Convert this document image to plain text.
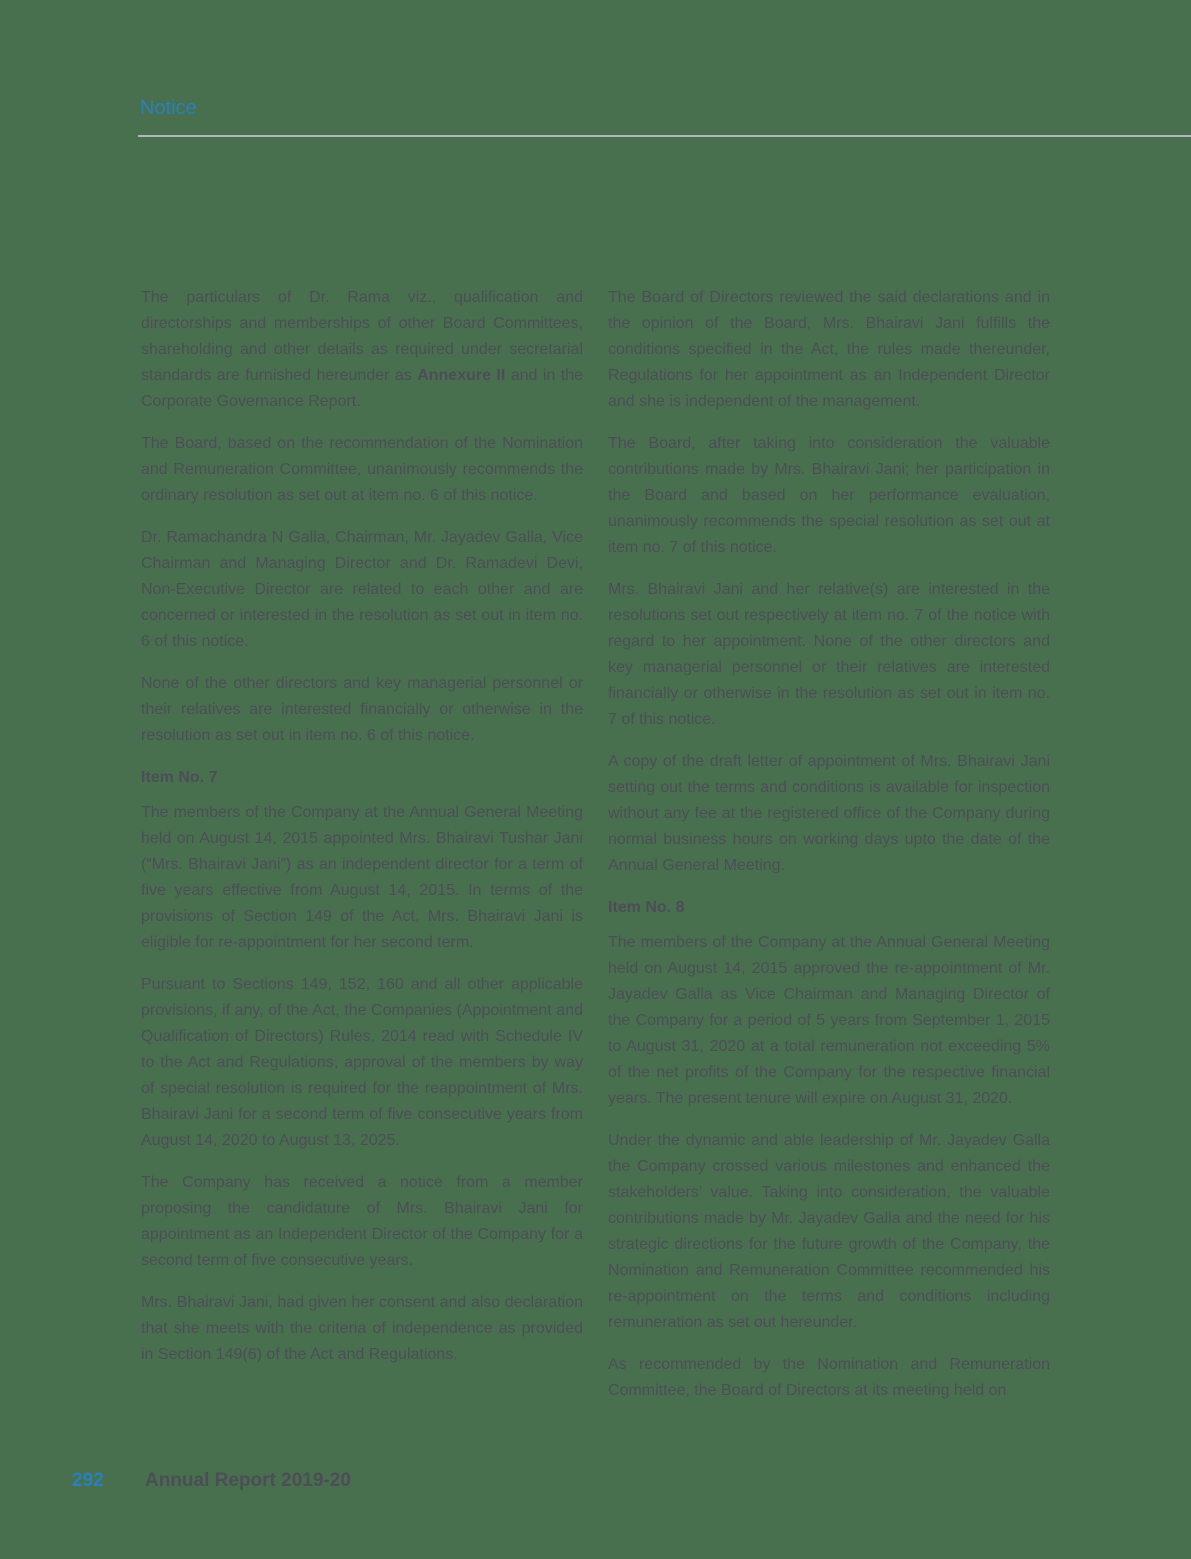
Notice

The particulars of Dr. Rama viz., qualification and directorships and memberships of other Board Committees, shareholding and other details as required under secretarial standards are furnished hereunder as Annexure II and in the Corporate Governance Report.

The Board, based on the recommendation of the Nomination and Remuneration Committee, unanimously recommends the ordinary resolution as set out at item no. 6 of this notice.

Dr. Ramachandra N Galla, Chairman, Mr. Jayadev Galla, Vice Chairman and Managing Director and Dr. Ramadevi Devi, Non-Executive Director are related to each other and are concerned or interested in the resolution as set out in item no. 6 of this notice.

None of the other directors and key managerial personnel or their relatives are interested financially or otherwise in the resolution as set out in item no. 6 of this notice.

Item No. 7

The members of the Company at the Annual General Meeting held on August 14, 2015 appointed Mrs. Bhairavi Tushar Jani (“Mrs. Bhairavi Jani”) as an independent director for a term of five years effective from August 14, 2015. In terms of the provisions of Section 149 of the Act, Mrs. Bhairavi Jani is eligible for re-appointment for her second term.

Pursuant to Sections 149, 152, 160 and all other applicable provisions, if any, of the Act, the Companies (Appointment and Qualification of Directors) Rules, 2014 read with Schedule IV to the Act and Regulations, approval of the members by way of special resolution is required for the reappointment of Mrs. Bhairavi Jani for a second term of five consecutive years from August 14, 2020 to August 13, 2025.

The Company has received a notice from a member proposing the candidature of Mrs. Bhairavi Jani for appointment as an Independent Director of the Company for a second term of five consecutive years.

Mrs. Bhairavi Jani, had given her consent and also declaration that she meets with the criteria of independence as provided in Section 149(6) of the Act and Regulations.

The Board of Directors reviewed the said declarations and in the opinion of the Board, Mrs. Bhairavi Jani fulfills the conditions specified in the Act, the rules made thereunder, Regulations for her appointment as an Independent Director and she is independent of the management.

The Board, after taking into consideration the valuable contributions made by Mrs. Bhairavi Jani; her participation in the Board and based on her performance evaluation, unanimously recommends the special resolution as set out at item no. 7 of this notice.

Mrs. Bhairavi Jani and her relative(s) are interested in the resolutions set out respectively at item no. 7 of the notice with regard to her appointment. None of the other directors and key managerial personnel or their relatives are interested financially or otherwise in the resolution as set out in item no. 7 of this notice.

A copy of the draft letter of appointment of Mrs. Bhairavi Jani setting out the terms and conditions is available for inspection without any fee at the registered office of the Company during normal business hours on working days upto the date of the Annual General Meeting.

Item No. 8

The members of the Company at the Annual General Meeting held on August 14, 2015 approved the re-appointment of Mr. Jayadev Galla as Vice Chairman and Managing Director of the Company for a period of 5 years from September 1, 2015 to August 31, 2020 at a total remuneration not exceeding 5% of the net profits of the Company for the respective financial years. The present tenure will expire on August 31, 2020.

Under the dynamic and able leadership of Mr. Jayadev Galla the Company crossed various milestones and enhanced the stakeholders’ value. Taking into consideration, the valuable contributions made by Mr. Jayadev Galla and the need for his strategic directions for the future growth of the Company, the Nomination and Remuneration Committee recommended his re-appointment on the terms and conditions including remuneration as set out hereunder.

As recommended by the Nomination and Remuneration Committee, the Board of Directors at its meeting held on

292 Annual Report 2019-20
